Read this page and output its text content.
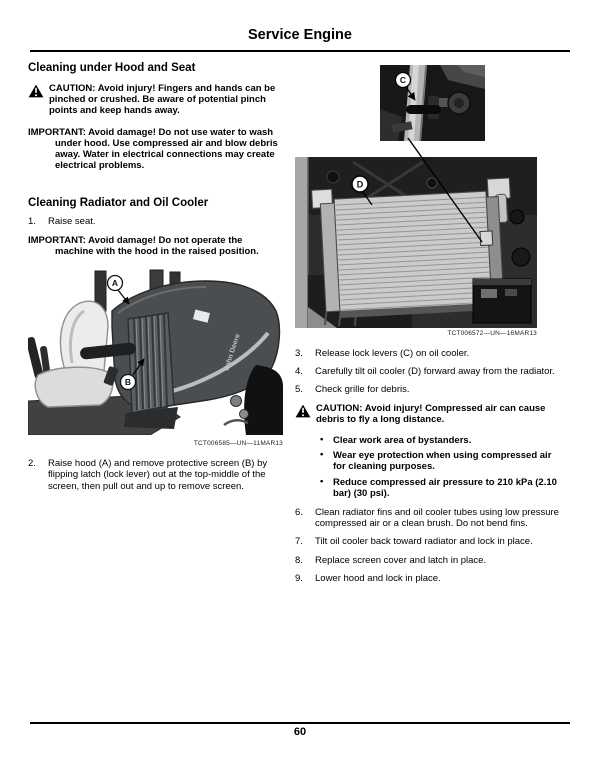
Service Engine
Cleaning under Hood and Seat
CAUTION: Avoid injury! Fingers and hands can be pinched or crushed. Be aware of potential pinch points and keep hands away.
IMPORTANT: Avoid damage! Do not use water to wash under hood. Use compressed air and blow debris away. Water in electrical connections may create electrical problems.
Cleaning Radiator and Oil Cooler
1. Raise seat.
IMPORTANT: Avoid damage! Do not operate the machine with the hood in the raised position.
John Deere
A
B
TCT006585—UN—11MAR13
2. Raise hood (A) and remove protective screen (B) by flipping latch (lock lever) out at the top-middle of the screen, then pull out and up to remove screen.
C
D
TCT006572—UN—16MAR13
3. Release lock levers (C) on oil cooler.
4. Carefully tilt oil cooler (D) forward away from the radiator.
5. Check grille for debris.
CAUTION: Avoid injury! Compressed air can cause debris to fly a long distance.
• Clear work area of bystanders.
• Wear eye protection when using compressed air for cleaning purposes.
• Reduce compressed air pressure to 210 kPa (2.10 bar) (30 psi).
6. Clean radiator fins and oil cooler tubes using low pressure compressed air or a clean brush. Do not bend fins.
7. Tilt oil cooler back toward radiator and lock in place.
8. Replace screen cover and latch in place.
9. Lower hood and lock in place.
60
